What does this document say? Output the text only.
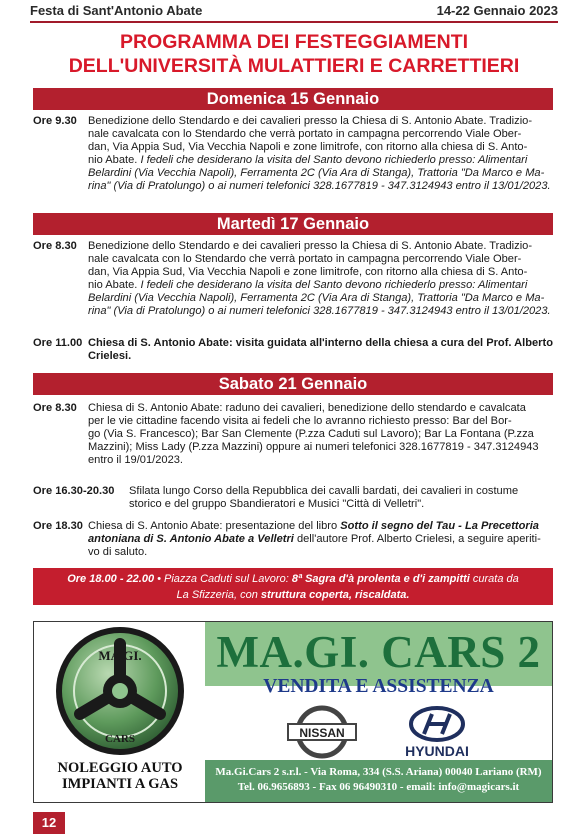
Festa di Sant'Antonio Abate	14-22 Gennaio 2023
PROGRAMMA DEI FESTEGGIAMENTI
DELL'UNIVERSITÀ MULATTIERI E CARRETTIERI
Domenica 15 Gennaio
Ore 9.30 Benedizione dello Stendardo e dei cavalieri presso la Chiesa di S. Antonio Abate. Tradizio-
nale cavalcata con lo Stendardo che verrà portato in campagna percorrendo Viale Ober-
dan, Via Appia Sud, Via Vecchia Napoli e zone limitrofe, con ritorno alla chiesa di S. Anto-
nio Abate. I fedeli che desiderano la visita del Santo devono richiederlo presso: Alimentari
Belardini (Via Vecchia Napoli), Ferramenta 2C (Via Ara di Stanga), Trattoria "Da Marco e Ma-
rina" (Via di Pratolungo) o ai numeri telefonici 328.1677819 - 347.3124943 entro il 13/01/2023.
Martedì 17 Gennaio
Ore 8.30 Benedizione dello Stendardo e dei cavalieri presso la Chiesa di S. Antonio Abate. Tradizio-
nale cavalcata con lo Stendardo che verrà portato in campagna percorrendo Viale Ober-
dan, Via Appia Sud, Via Vecchia Napoli e zone limitrofe, con ritorno alla chiesa di S. Anto-
nio Abate. I fedeli che desiderano la visita del Santo devono richiederlo presso: Alimentari
Belardini (Via Vecchia Napoli), Ferramenta 2C (Via Ara di Stanga), Trattoria "Da Marco e Ma-
rina" (Via di Pratolungo) o ai numeri telefonici 328.1677819 - 347.3124943 entro il 13/01/2023.
Ore 11.00 Chiesa di S. Antonio Abate: visita guidata all'interno della chiesa a cura del Prof. Alberto
Crielesi.
Sabato 21 Gennaio
Ore 8.30 Chiesa di S. Antonio Abate: raduno dei cavalieri, benedizione dello stendardo e cavalcata
per le vie cittadine facendo visita ai fedeli che lo avranno richiesto presso: Bar del Bor-
go (Via S. Francesco); Bar San Clemente (P.zza Caduti sul Lavoro); Bar La Fontana (P.zza
Mazzini); Miss Lady (P.zza Mazzini) oppure ai numeri telefonici 328.1677819 - 347.3124943
entro il 19/01/2023.
Ore 16.30-20.30 Sfilata lungo Corso della Repubblica dei cavalli bardati, dei cavalieri in costume
storico e del gruppo Sbandieratori e Musici "Città di Velletri".
Ore 18.30 Chiesa di S. Antonio Abate: presentazione del libro Sotto il segno del Tau - La Precettoria
antoniana di S. Antonio Abate a Velletri dell'autore Prof. Alberto Crielesi, a seguire aperiti-
vo di saluto.
Ore 18.00 - 22.00 • Piazza Caduti sul Lavoro: 8ª Sagra d'à prolenta e d'i zampitti curata da
La Sfizzeria, con struttura coperta, riscaldata.
MA.GI.
CARS
NOLEGGIO AUTO
IMPIANTI A GAS
MA.GI. CARS 2
VENDITA E ASSISTENZA
NISSAN
HYUNDAI
Ma.Gi.Cars 2 s.r.l. - Via Roma, 334 (S.S. Ariana) 00040 Lariano (RM)
Tel. 06.9656893 - Fax 06 96490310 - email: info@magicars.it
12
